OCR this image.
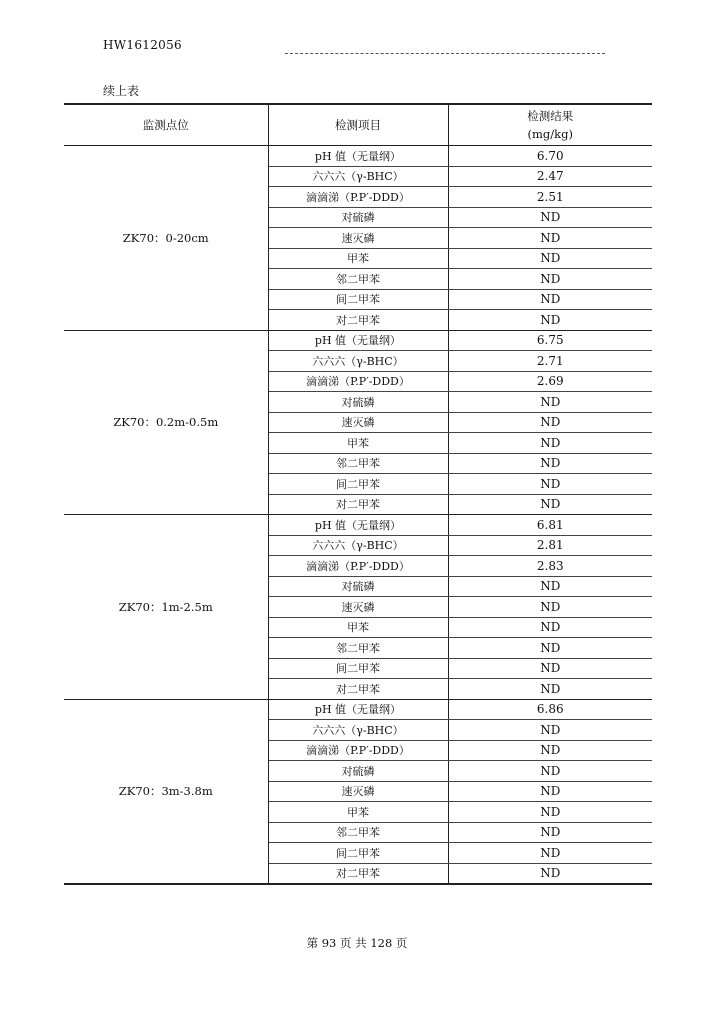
HW1612056
续上表
监测点位	检测项目	检测结果
(mg/kg)

ZK70：0-20cm	pH 值（无量纲）	6.70
	六六六（γ-BHC）	2.47
	滴滴涕（P.P′-DDD）	2.51
	对硫磷	ND
	速灭磷	ND
	甲苯	ND
	邻二甲苯	ND
	间二甲苯	ND
	对二甲苯	ND
ZK70：0.2m-0.5m	pH 值（无量纲）	6.75
	六六六（γ-BHC）	2.71
	滴滴涕（P.P′-DDD）	2.69
	对硫磷	ND
	速灭磷	ND
	甲苯	ND
	邻二甲苯	ND
	间二甲苯	ND
	对二甲苯	ND
ZK70：1m-2.5m	pH 值（无量纲）	6.81
	六六六（γ-BHC）	2.81
	滴滴涕（P.P′-DDD）	2.83
	对硫磷	ND
	速灭磷	ND
	甲苯	ND
	邻二甲苯	ND
	间二甲苯	ND
	对二甲苯	ND
ZK70：3m-3.8m	pH 值（无量纲）	6.86
	六六六（γ-BHC）	ND
	滴滴涕（P.P′-DDD）	ND
	对硫磷	ND
	速灭磷	ND
	甲苯	ND
	邻二甲苯	ND
	间二甲苯	ND
	对二甲苯	ND
第 93 页 共 128 页
